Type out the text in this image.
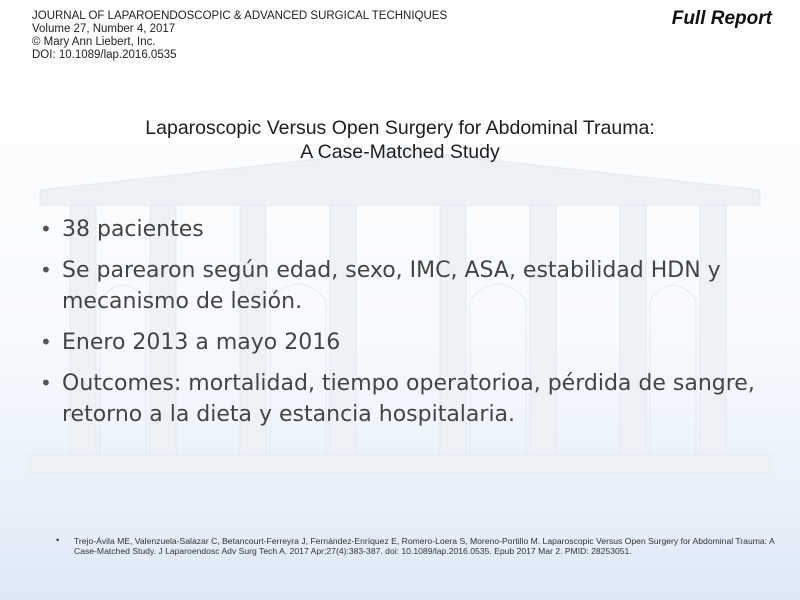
JOURNAL OF LAPAROENDOSCOPIC & ADVANCED SURGICAL TECHNIQUES
Volume 27, Number 4, 2017
© Mary Ann Liebert, Inc.
DOI: 10.1089/lap.2016.0535
Full Report
Laparoscopic Versus Open Surgery for Abdominal Trauma:
A Case-Matched Study
• 38 pacientes
• Se parearon según edad, sexo, IMC, ASA, estabilidad HDN y mecanismo de lesión.
• Enero 2013 a mayo 2016
• Outcomes: mortalidad, tiempo operatorioa, pérdida de sangre, retorno a la dieta y estancia hospitalaria.
• Trejo-Ávila ME, Valenzuela-Salazar C, Betancourt-Ferreyra J, Fernández-Enríquez E, Romero-Loera S, Moreno-Portillo M. Laparoscopic Versus Open Surgery for Abdominal Trauma: A Case-Matched Study. J Laparoendosc Adv Surg Tech A. 2017 Apr;27(4):383-387. doi: 10.1089/lap.2016.0535. Epub 2017 Mar 2. PMID: 28253051.
